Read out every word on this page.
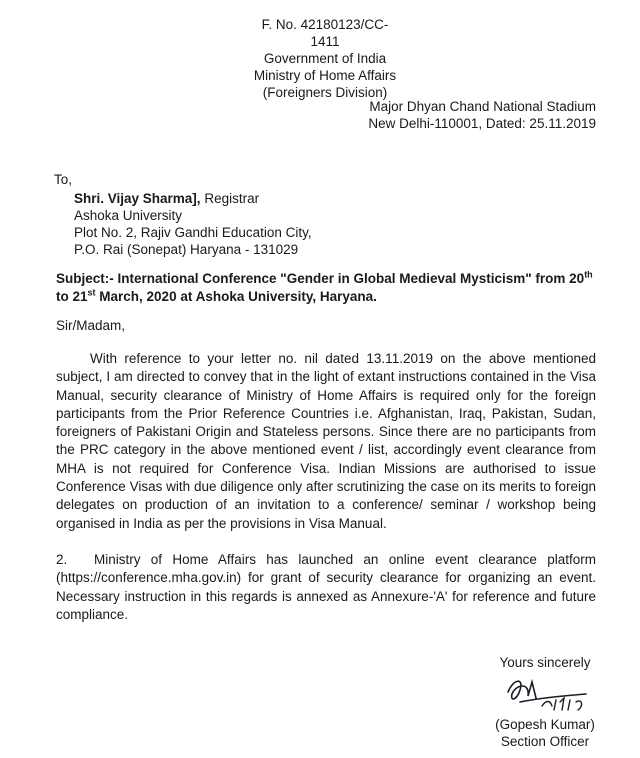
F. No. 42180123/CC-1411
Government of India
Ministry of Home Affairs
(Foreigners Division)
Major Dhyan Chand National Stadium
New Delhi-110001, Dated: 25.11.2019
To,
Shri. Vijay Sharma], Registrar
Ashoka University
Plot No. 2, Rajiv Gandhi Education City,
P.O. Rai (Sonepat) Haryana - 131029
Subject:- International Conference "Gender in Global Medieval Mysticism" from 20th to 21st March, 2020 at Ashoka University, Haryana.
Sir/Madam,
With reference to your letter no. nil dated 13.11.2019 on the above mentioned subject, I am directed to convey that in the light of extant instructions contained in the Visa Manual, security clearance of Ministry of Home Affairs is required only for the foreign participants from the Prior Reference Countries i.e. Afghanistan, Iraq, Pakistan, Sudan, foreigners of Pakistani Origin and Stateless persons. Since there are no participants from the PRC category in the above mentioned event / list, accordingly event clearance from MHA is not required for Conference Visa. Indian Missions are authorised to issue Conference Visas with due diligence only after scrutinizing the case on its merits to foreign delegates on production of an invitation to a conference/ seminar / workshop being organised in India as per the provisions in Visa Manual.
2. Ministry of Home Affairs has launched an online event clearance platform (https://conference.mha.gov.in) for grant of security clearance for organizing an event. Necessary instruction in this regards is annexed as Annexure-'A' for reference and future compliance.
Yours sincerely
(Gopesh Kumar)
Section Officer
